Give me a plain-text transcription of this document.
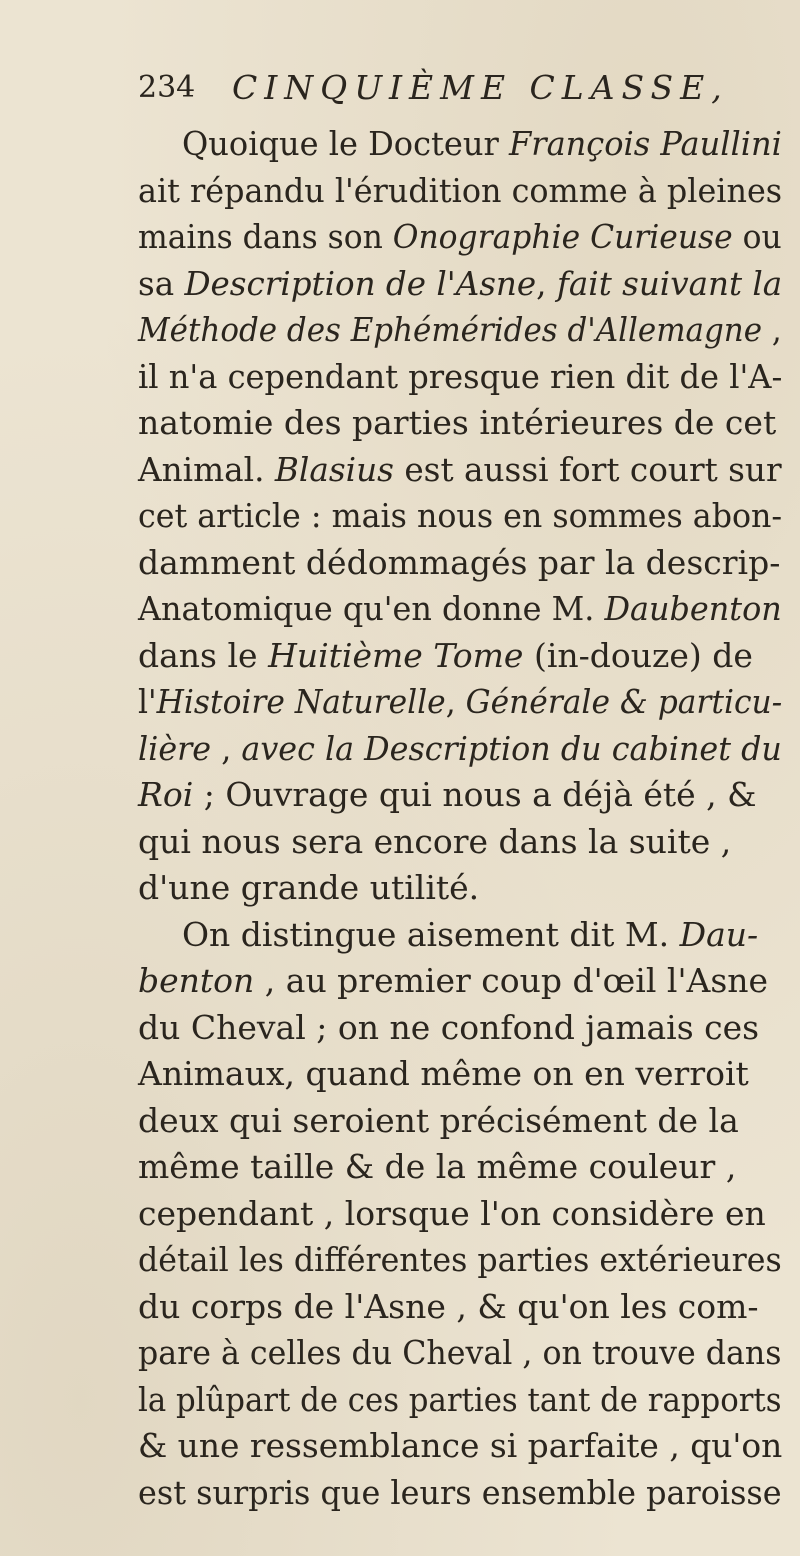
234 CINQUIÈME CLASSE,
Quoique le Docteur François Paullini
ait répandu l'érudition comme à pleines
mains dans son Onographie Curieuse ou
sa Description de l'Asne, fait suivant la
Méthode des Ephémérides d'Allemagne ,
il n'a cependant presque rien dit de l'A-
natomie des parties intérieures de cet
Animal. Blasius est aussi fort court sur
cet article : mais nous en sommes abon-
damment dédommagés par la descrip-
Anatomique qu'en donne M. Daubenton
dans le Huitième Tome (in-douze) de
l'Histoire Naturelle, Générale & particu-
lière , avec la Description du cabinet du
Roi ; Ouvrage qui nous a déjà été , &
qui nous sera encore dans la suite ,
d'une grande utilité.
On distingue aisement dit M. Dau-
benton , au premier coup d'œil l'Asne
du Cheval ; on ne confond jamais ces
Animaux, quand même on en verroit
deux qui seroient précisément de la
même taille & de la même couleur ,
cependant , lorsque l'on considère en
détail les différentes parties extérieures
du corps de l'Asne , & qu'on les com-
pare à celles du Cheval , on trouve dans
la plûpart de ces parties tant de rapports
& une ressemblance si parfaite , qu'on
est surpris que leurs ensemble paroisse
